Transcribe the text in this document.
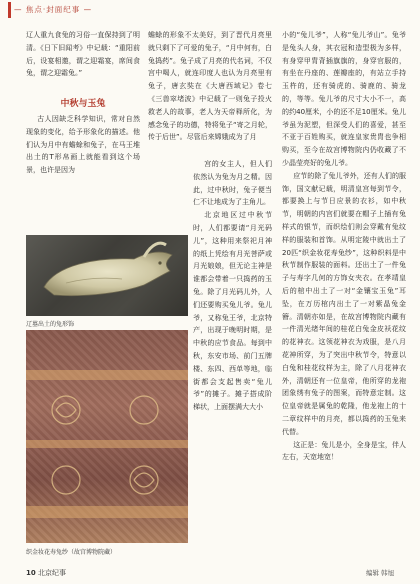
— 焦点·封面纪事 —

辽人重九食兔的习俗一直保持到了明清。《日下旧闻考》中记载：“重阳前后，设宴相邀，谓之迎霜宴，席间食兔，谓之迎霜兔。”

中秋与玉兔

古人因缺乏科学知识，常对自然现象的变化，给予形象化的描述。他们认为月中有蟾蜍和兔子，在马王堆出土的T形帛画上就能看到这个场景，也许是因为

蟾蜍的形象不太美好，到了晋代月亮里就只剩下了可爱的兔子，“月中何有，白兔捣药”。兔子成了月亮的代名词，不仅宫中喝人，就连印度人也认为月亮里有兔子，唐玄奘在《大唐西域记》卷七《三兽窣堵波》中记载了一则兔子投火救老人的故事，老人为天帝释所化，为感念兔子的功德，特将兔子“寄之月轮，传于后世”。尽管后来嫦娥成为了月

辽墓出土的兔形饰

宫的女主人，但人们依然认为兔为月之精。因此，过中秋时，兔子便当仁不让地成为了主角儿。

北京地区过中秋节时，人们都要请“月光码儿”，这种用来祭祀月神的纸上凭绘有月光菩萨或月光娘娘，但无论主神是谁都会带着一只捣药的玉兔。除了月光码儿外，人们还要购买兔儿爷。兔儿爷，又称兔王爷，北京特产，出现于晚明时期，是中秋的应节食品。每到中秋，东安市场、前门五牌楼、东四、西单等地，临街都会支起售卖“兔儿爷”的摊子。摊子搭成阶梯状，上面摆满大大小

织金妆花寿兔纱（故宫博物院藏）

小的“兔儿爷”，人称“兔儿爷山”。兔爷是兔头人身，其衣冠和造型极为多样，有身穿甲胄背插旗旗的，身穿官服的，有坐在丹座的、莲瓣座的，有站立手持玉杵的，还有骑虎的、骑鹿的、骑龙的，等等。兔儿爷的尺寸大小不一，高的约40厘米，小的还不足10厘米。兔儿爷虽为泥塑，但深受人们的喜爱，甚至不亚于百姓购买，就连皇家贵胄也争相购买，至今在故宫博物院内仍收藏了不少晶莹亮好的兔儿爷。

应节的除了兔儿爷外，还有人们的服饰，国文献记载，明清皇宫每到节令，都要换上与节日应景的衣衫，如中秋节，明朝的内宫们就要在帽子上插有兔样式的银节，而织绘们则会穿戴有兔纹样的服装和首饰。从明定陵中就出土了20匹“织金妆花寿兔纱”，这种织料是中秋节制作服装的面料。还出土了一件兔子与寿字几何的方饰女夹衣。在孝靖皇后的棺中出土了一对“金镶宝玉兔”耳坠，在万历棺内出土了一对紫晶兔金簪。清朝亦如是，在故宫博物院内藏有一件清光绪年间的桂花白兔金皮袄花纹的花神衣。这领花神衣为戏服，是八月花神所穿，为了突出中秋节令，特意以白兔和桂花纹样为主，除了八月花神衣外，清朝还有一位皇帝，他所穿的龙袍团象绣有兔子的图案，而特意定制。这位皇帝就是属兔的乾隆，他龙袍上的十二章纹样中的月亮，都以捣药的玉兔来代替。

这正是：兔儿是小，全身是宝，伴人左右，天宽地宽！

10 北京纪事	编辑 韩旭
